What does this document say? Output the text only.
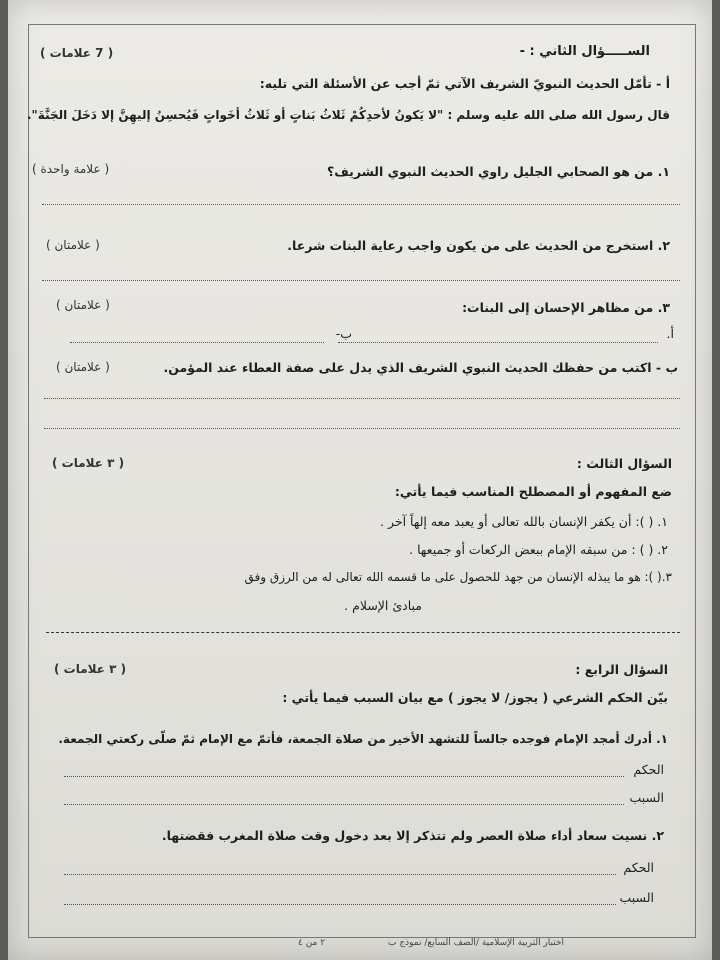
الســـــؤال الثاني : -
( 7 علامات )
أ - تأمّل الحديث النبويّ الشريف الآتي ثمّ أجب عن الأسئلة التي تليه:
قال رسول الله صلى الله عليه وسلم : "لا يَكونُ لأحدِكُمْ ثَلاثُ بَناتٍ أو ثَلاثُ أخَواتٍ فَيُحسِنُ إليهِنَّ إلا دَخَلَ الجَنَّةَ".
١. من هو الصحابي الجليل راوي الحديث النبوي الشريف؟
( علامة واحدة )
٢. استخرج من الحديث على من يكون واجب رعاية البنات شرعا.
( علامتان )
٣. من مظاهر الإحسان إلى البنات:
( علامتان )
أ.
ب-
ب - اكتب من حفظك الحديث النبوي الشريف الذي يدل على صفة العطاء عند المؤمن.
( علامتان )
السؤال الثالث :
( ٣ علامات )
ضع المفهوم أو المصطلح المناسب فيما يأتي:
١. ( ): أن يكفر الإنسان بالله تعالى أو يعبد معه إلهاً آخر .
٢. ( ) : من سبقه الإمام ببعض الركعات أو جميعها .
٣.( ): هو ما يبذله الإنسان من جهد للحصول على ما قسمه الله تعالى له من الرزق وفق
مبادئ الإسلام .
السؤال الرابع :
( ٣ علامات )
بيّن الحكم الشرعي ( يجوز/ لا يجوز ) مع بيان السبب فيما يأتي :
١. أدرك أمجد الإمام فوجده جالساً للتشهد الأخير من صلاة الجمعة، فأتمّ مع الإمام ثمّ صلّى ركعتي الجمعة.
الحكم
السبب
٢. نسيت سعاد أداء صلاة العصر ولم تتذكر إلا بعد دخول وقت صلاة المغرب فقضتها.
الحكم
السبب
٢ من ٤	اختبار التربية الإسلامية /الصف السابع/ نموذج ب
